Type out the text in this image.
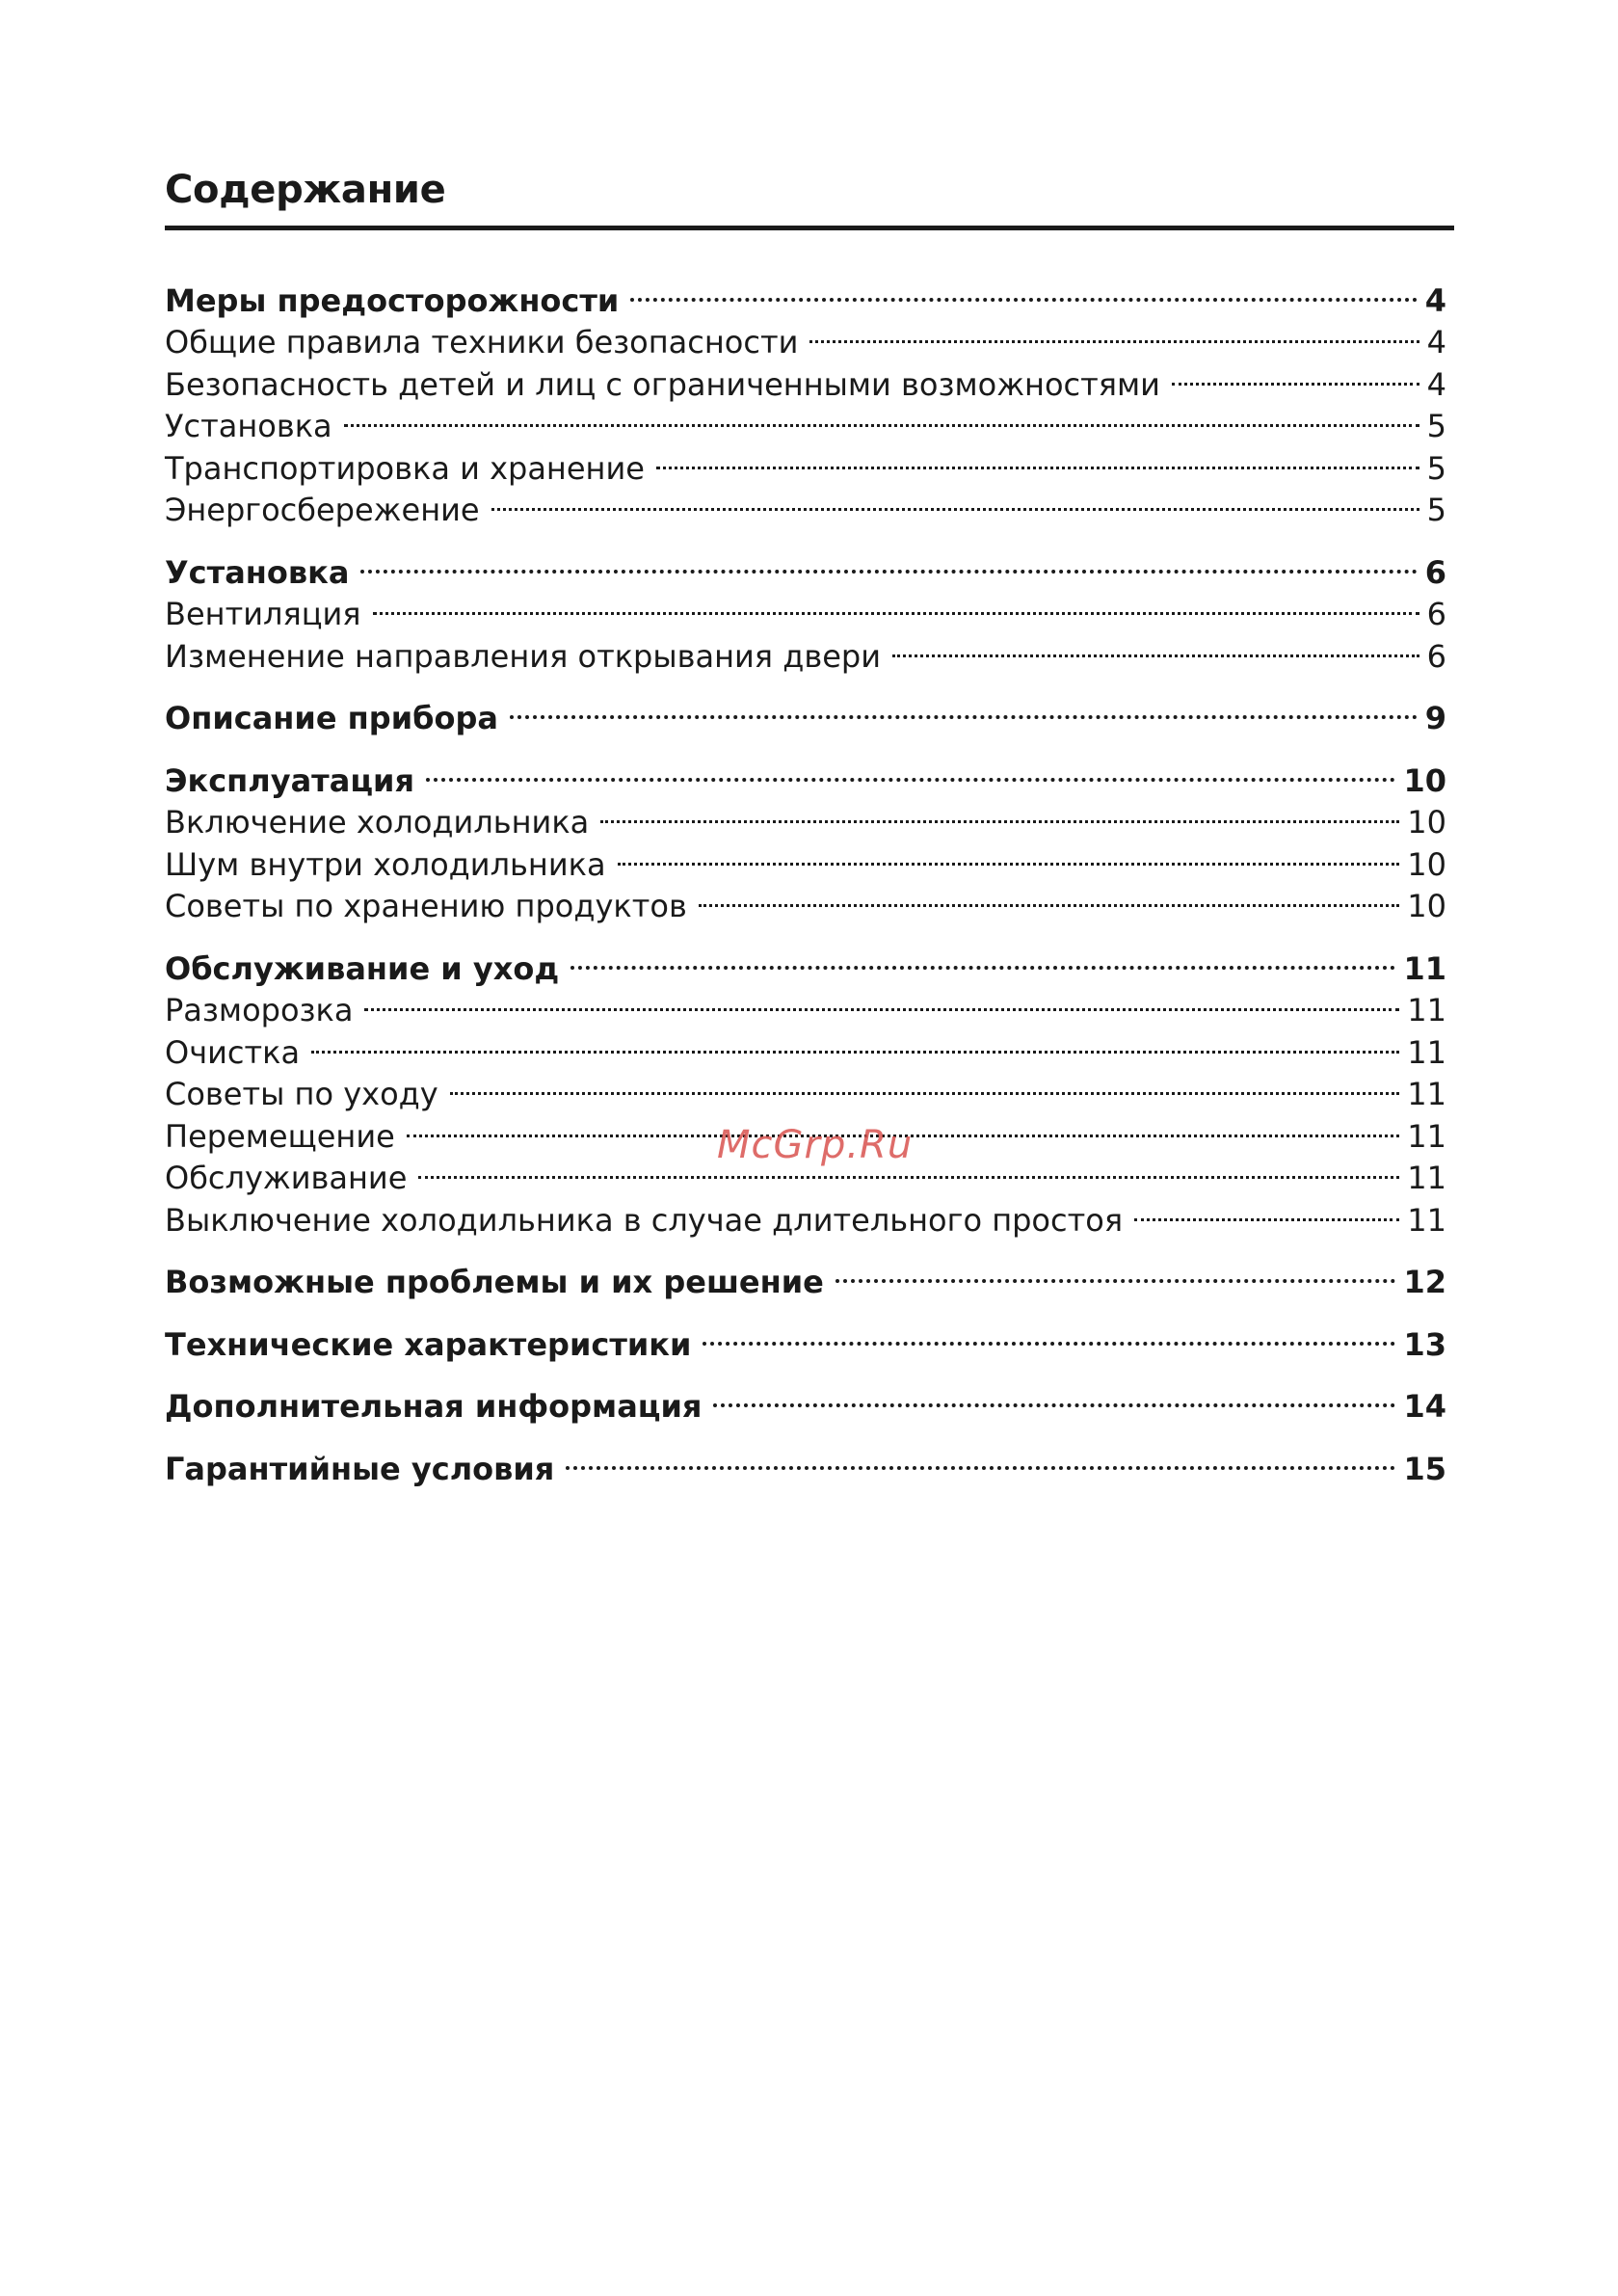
Содержание
Меры предосторожности	4
Общие правила техники безопасности	4
Безопасность детей и лиц с ограниченными возможностями	4
Установка	5
Транспортировка и хранение	5
Энергосбережение	5
Установка	6
Вентиляция	6
Изменение направления открывания двери	6
Описание прибора	9
Эксплуатация	10
Включение холодильника	10
Шум внутри холодильника	10
Советы по хранению продуктов	10
Обслуживание и уход	11
Разморозка	11
Очистка	11
Советы по уходу	11
Перемещение	11
Обслуживание	11
Выключение холодильника в случае длительного простоя	11
Возможные проблемы и их решение	12
Технические характеристики	13
Дополнительная информация	14
Гарантийные условия	15
McGrp.Ru
